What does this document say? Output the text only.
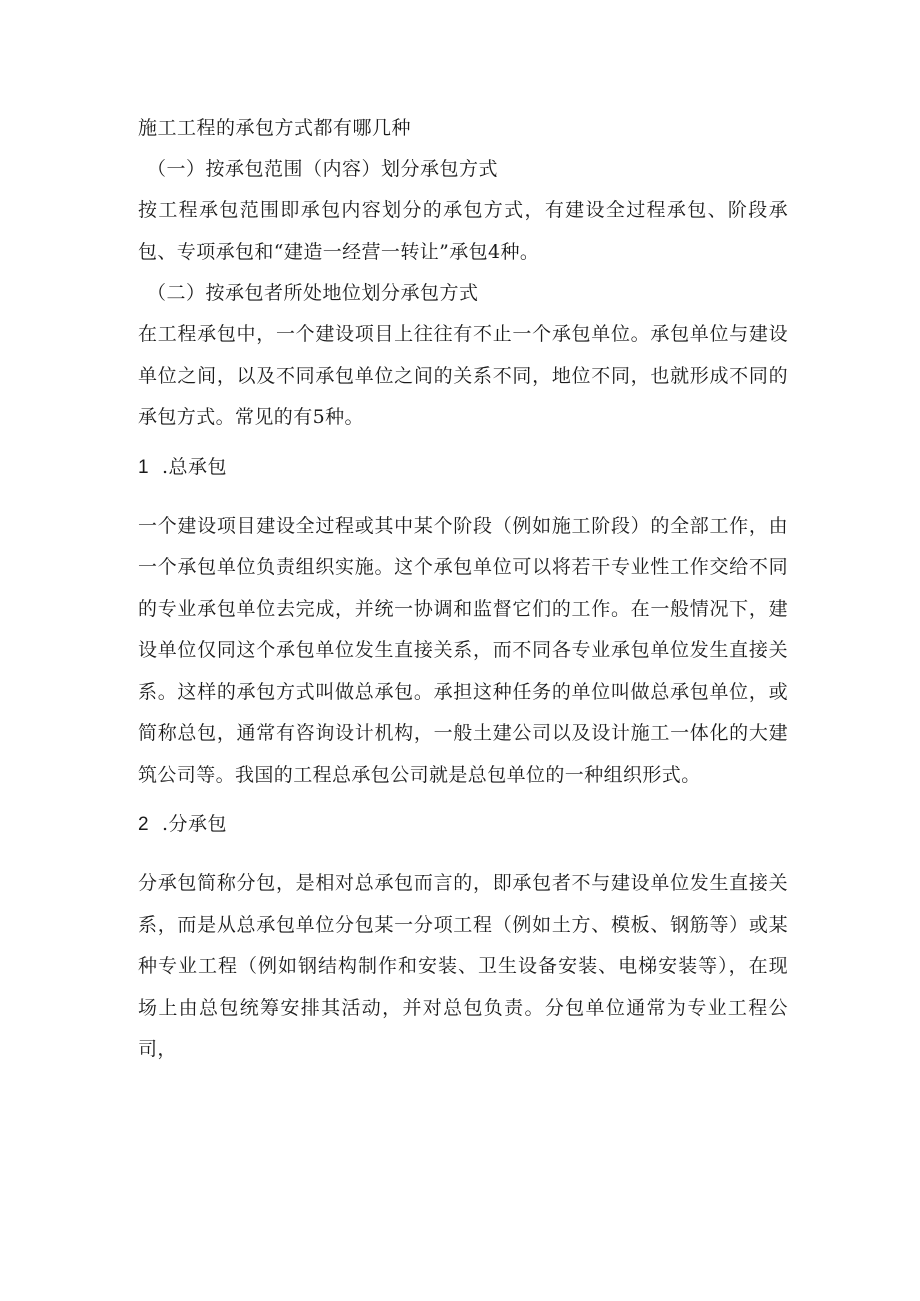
施工工程的承包方式都有哪几种

（一）按承包范围（内容）划分承包方式

按工程承包范围即承包内容划分的承包方式，有建设全过程承包、阶段承包、专项承包和“建造一经营一转让”承包4种。

（二）按承包者所处地位划分承包方式

在工程承包中，一个建设项目上往往有不止一个承包单位。承包单位与建设单位之间，以及不同承包单位之间的关系不同，地位不同，也就形成不同的承包方式。常见的有5种。

1 .总承包

一个建设项目建设全过程或其中某个阶段（例如施工阶段）的全部工作，由一个承包单位负责组织实施。这个承包单位可以将若干专业性工作交给不同的专业承包单位去完成，并统一协调和监督它们的工作。在一般情况下，建设单位仅同这个承包单位发生直接关系，而不同各专业承包单位发生直接关系。这样的承包方式叫做总承包。承担这种任务的单位叫做总承包单位，或简称总包，通常有咨询设计机构，一般土建公司以及设计施工一体化的大建筑公司等。我国的工程总承包公司就是总包单位的一种组织形式。

2 .分承包

分承包简称分包，是相对总承包而言的，即承包者不与建设单位发生直接关系，而是从总承包单位分包某一分项工程（例如土方、模板、钢筋等）或某种专业工程（例如钢结构制作和安装、卫生设备安装、电梯安装等），在现场上由总包统筹安排其活动，并对总包负责。分包单位通常为专业工程公司，
